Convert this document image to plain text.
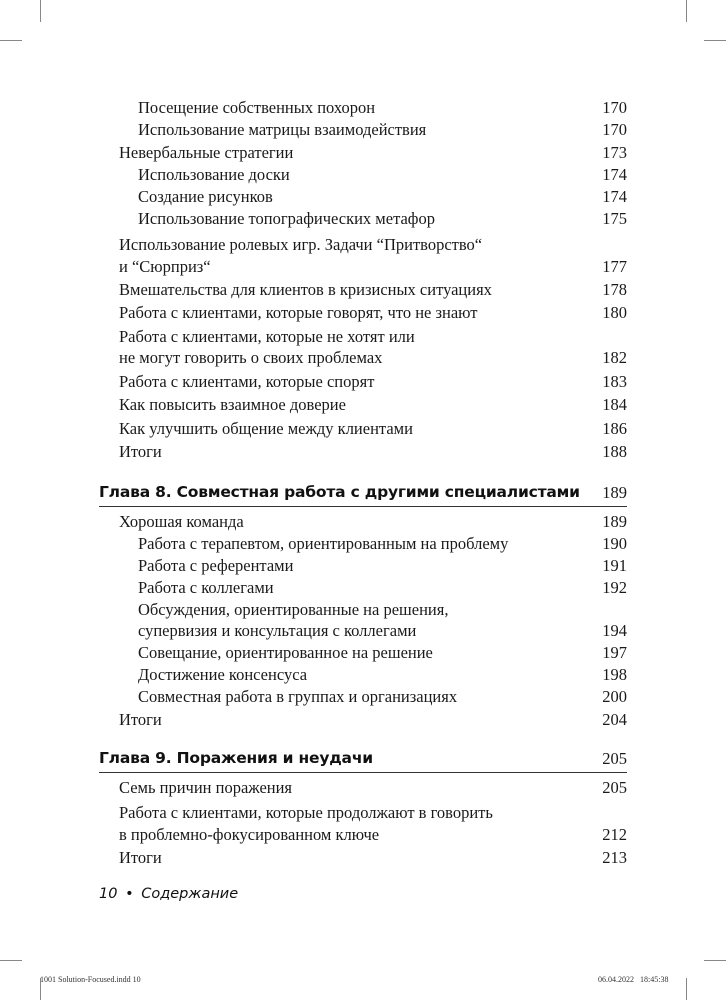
Посещение собственных похорон	170
Использование матрицы взаимодействия	170
Невербальные стратегии	173
Использование доски	174
Создание рисунков	174
Использование топографических метафор	175
Использование ролевых игр. Задачи “Притворство“
и “Сюрприз“	177
Вмешательства для клиентов в кризисных ситуациях	178
Работа с клиентами, которые говорят, что не знают	180
Работа с клиентами, которые не хотят или
не могут говорить о своих проблемах	182
Работа с клиентами, которые спорят	183
Как повысить взаимное доверие	184
Как улучшить общение между клиентами	186
Итоги	188
Глава 8. Совместная работа с другими специалистами	189
Хорошая команда	189
Работа с терапевтом, ориентированным на проблему	190
Работа с референтами	191
Работа с коллегами	192
Обсуждения, ориентированные на решения,
супервизия и консультация с коллегами	194
Совещание, ориентированное на решение	197
Достижение консенсуса	198
Совместная работа в группах и организациях	200
Итоги	204
Глава 9. Поражения и неудачи	205
Семь причин поражения	205
Работа с клиентами, которые продолжают в говорить
в проблемно-фокусированном ключе	212
Итоги	213
10 • Содержание
1001 Solution-Focused.indd 10	06.04.2022   18:45:38
